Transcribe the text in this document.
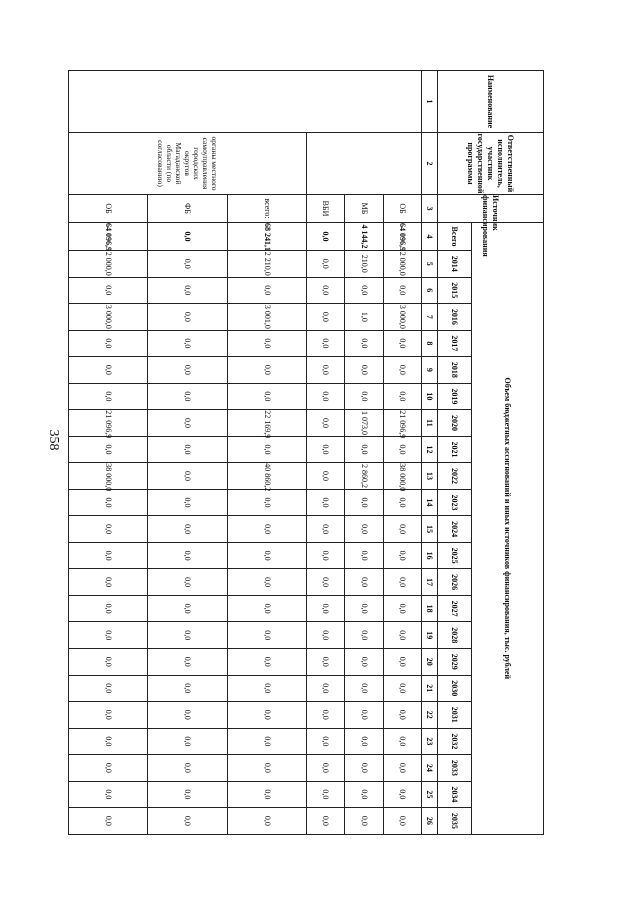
358
Наименование	Ответственный исполнитель, участник государственной программы	Источник финансирования	Объем бюджетных ассигнований и иных источников финансирования, тыс. рублей																						
			Всего	2014	2015	2016	2017	2018	2019	2020	2021	2022	2023	2024	2025	2026	2027	2028	2029	2030	2031	2032	2033	2034	2035
1	2	3	4	5	6	7	8	9	10	11	12	13	14	15	16	17	18	19	20	21	22	23	24	25	26
		ОБ	64 096,9	2 000,0	0,0	3 000,0	0,0	0,0	0,0	21 096,9	0,0	38 000,0	0,0	0,0	0,0	0,0	0,0	0,0	0,0	0,0	0,0	0,0	0,0	0,0	0,0
		МБ	4 144,2	210,0	0,0	1,0	0,0	0,0	0,0	1 073,0	0,0	2 860,2	0,0	0,0	0,0	0,0	0,0	0,0	0,0	0,0	0,0	0,0	0,0	0,0	0,0
		ВБИ	0,0	0,0	0,0	0,0	0,0	0,0	0,0	0,0	0,0	0,0	0,0	0,0	0,0	0,0	0,0	0,0	0,0	0,0	0,0	0,0	0,0	0,0	0,0
	органы местного самоуправления городских округов Магаданской области (по согласованию)	всего:	68 241,1	2 210,0	0,0	3 001,0	0,0	0,0	0,0	22 169,9	0,0	40 860,2	0,0	0,0	0,0	0,0	0,0	0,0	0,0	0,0	0,0	0,0	0,0	0,0	0,0
		ФБ	0,0	0,0	0,0	0,0	0,0	0,0	0,0	0,0	0,0	0,0	0,0	0,0	0,0	0,0	0,0	0,0	0,0	0,0	0,0	0,0	0,0	0,0	0,0
		ОБ	64 096,9	2 000,0	0,0	3 000,0	0,0	0,0	0,0	21 096,9	0,0	38 000,0	0,0	0,0	0,0	0,0	0,0	0,0	0,0	0,0	0,0	0,0	0,0	0,0	0,0
